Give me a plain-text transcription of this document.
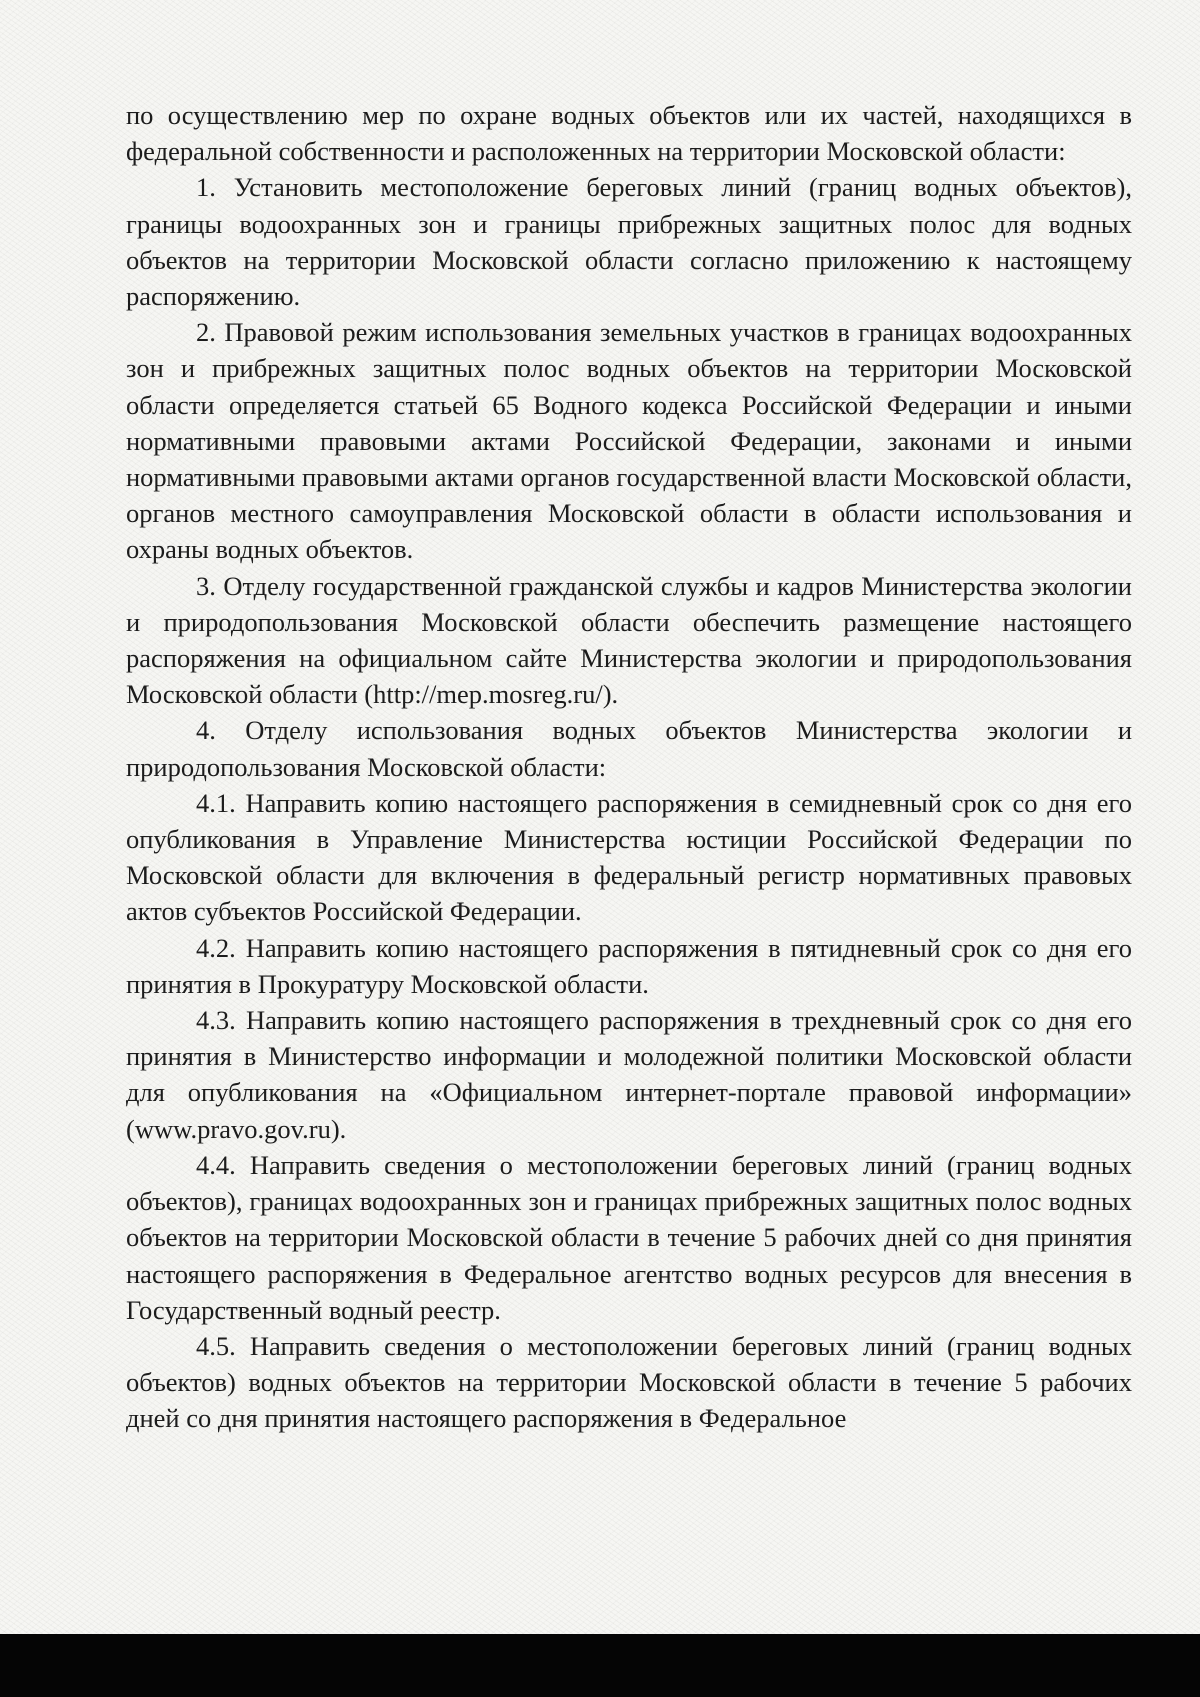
по осуществлению мер по охране водных объектов или их частей, находящихся в федеральной собственности и расположенных на территории Московской области:

1. Установить местоположение береговых линий (границ водных объектов), границы водоохранных зон и границы прибрежных защитных полос для водных объектов на территории Московской области согласно приложению к настоящему распоряжению.

2. Правовой режим использования земельных участков в границах водоохранных зон и прибрежных защитных полос водных объектов на территории Московской области определяется статьей 65 Водного кодекса Российской Федерации и иными нормативными правовыми актами Российской Федерации, законами и иными нормативными правовыми актами органов государственной власти Московской области, органов местного самоуправления Московской области в области использования и охраны водных объектов.

3. Отделу государственной гражданской службы и кадров Министерства экологии и природопользования Московской области обеспечить размещение настоящего распоряжения на официальном сайте Министерства экологии и природопользования Московской области (http://mep.mosreg.ru/).

4. Отделу использования водных объектов Министерства экологии и природопользования Московской области:

4.1. Направить копию настоящего распоряжения в семидневный срок со дня его опубликования в Управление Министерства юстиции Российской Федерации по Московской области для включения в федеральный регистр нормативных правовых актов субъектов Российской Федерации.

4.2. Направить копию настоящего распоряжения в пятидневный срок со дня его принятия в Прокуратуру Московской области.

4.3. Направить копию настоящего распоряжения в трехдневный срок со дня его принятия в Министерство информации и молодежной политики Московской области для опубликования на «Официальном интернет-портале правовой информации» (www.pravo.gov.ru).

4.4. Направить сведения о местоположении береговых линий (границ водных объектов), границах водоохранных зон и границах прибрежных защитных полос водных объектов на территории Московской области в течение 5 рабочих дней со дня принятия настоящего распоряжения в Федеральное агентство водных ресурсов для внесения в Государственный водный реестр.

4.5. Направить сведения о местоположении береговых линий (границ водных объектов) водных объектов на территории Московской области в течение 5 рабочих дней со дня принятия настоящего распоряжения в Федеральное
